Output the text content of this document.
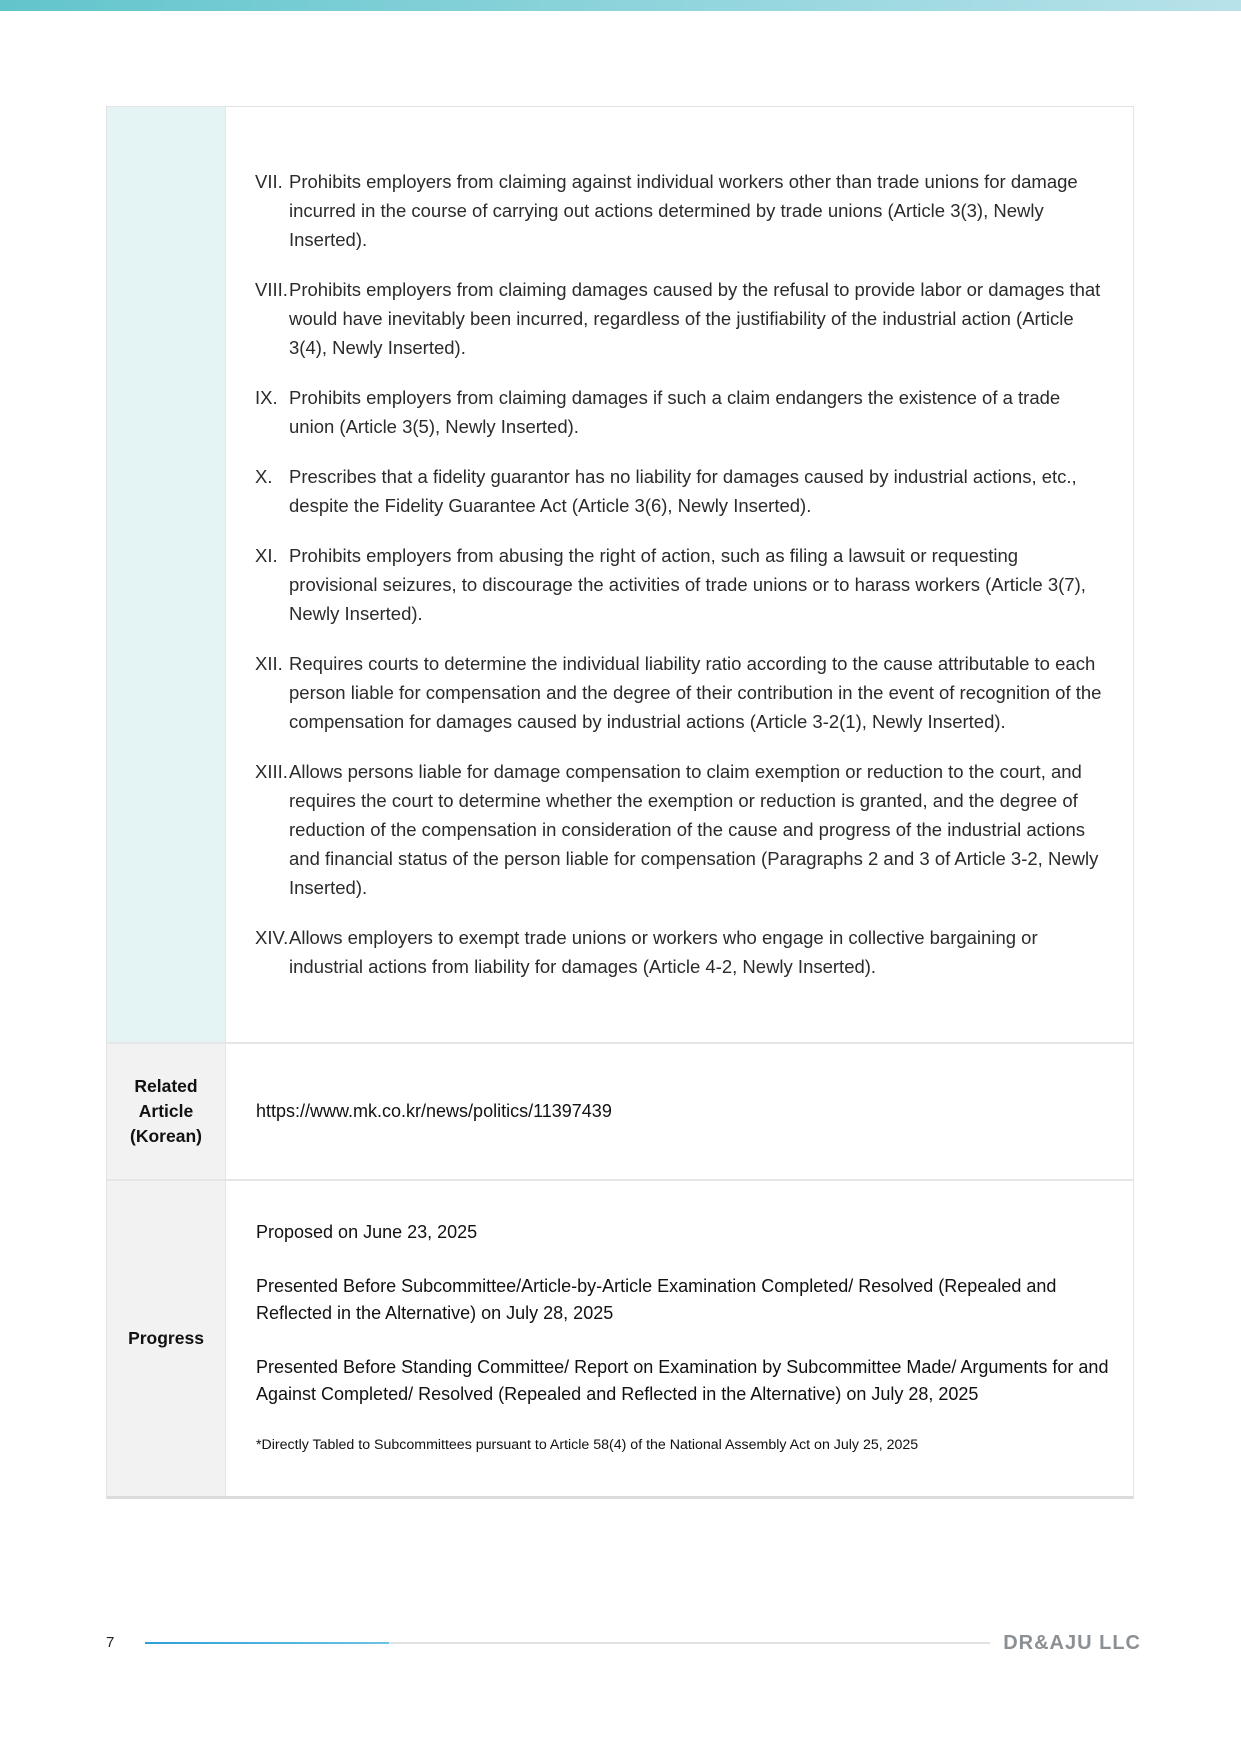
VII. Prohibits employers from claiming against individual workers other than trade unions for damage incurred in the course of carrying out actions determined by trade unions (Article 3(3), Newly Inserted).
VIII. Prohibits employers from claiming damages caused by the refusal to provide labor or damages that would have inevitably been incurred, regardless of the justifiability of the industrial action (Article 3(4), Newly Inserted).
IX. Prohibits employers from claiming damages if such a claim endangers the existence of a trade union (Article 3(5), Newly Inserted).
X. Prescribes that a fidelity guarantor has no liability for damages caused by industrial actions, etc., despite the Fidelity Guarantee Act (Article 3(6), Newly Inserted).
XI. Prohibits employers from abusing the right of action, such as filing a lawsuit or requesting provisional seizures, to discourage the activities of trade unions or to harass workers (Article 3(7), Newly Inserted).
XII. Requires courts to determine the individual liability ratio according to the cause attributable to each person liable for compensation and the degree of their contribution in the event of recognition of the compensation for damages caused by industrial actions (Article 3-2(1), Newly Inserted).
XIII. Allows persons liable for damage compensation to claim exemption or reduction to the court, and requires the court to determine whether the exemption or reduction is granted, and the degree of reduction of the compensation in consideration of the cause and progress of the industrial actions and financial status of the person liable for compensation (Paragraphs 2 and 3 of Article 3-2, Newly Inserted).
XIV. Allows employers to exempt trade unions or workers who engage in collective bargaining or industrial actions from liability for damages (Article 4-2, Newly Inserted).
Related Article (Korean)
https://www.mk.co.kr/news/politics/11397439
Progress

Proposed on June 23, 2025

Presented Before Subcommittee/Article-by-Article Examination Completed/ Resolved (Repealed and Reflected in the Alternative) on July 28, 2025

Presented Before Standing Committee/ Report on Examination by Subcommittee Made/ Arguments for and Against Completed/ Resolved (Repealed and Reflected in the Alternative) on July 28, 2025

*Directly Tabled to Subcommittees pursuant to Article 58(4) of the National Assembly Act on July 25, 2025
7	DR&AJU LLC
